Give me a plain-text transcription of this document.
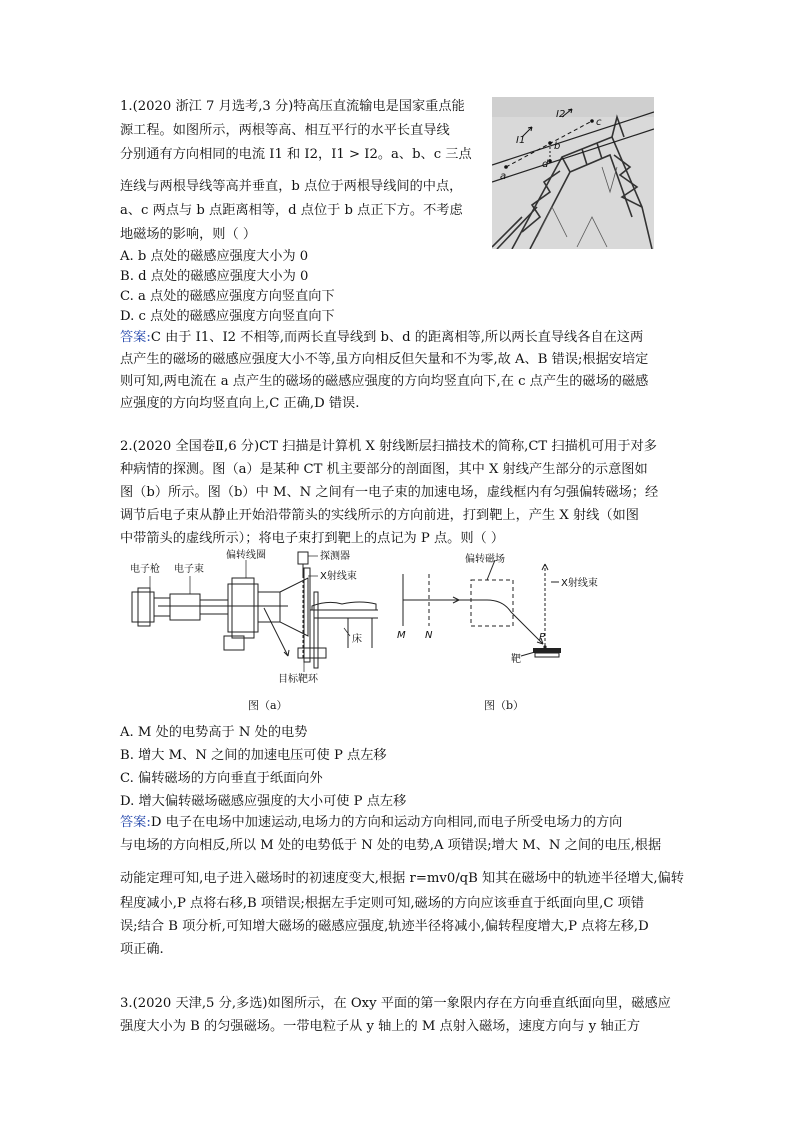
1.(2020 浙江 7 月选考,3 分)特高压直流输电是国家重点能
源工程。如图所示，两根等高、相互平行的水平长直导线
分别通有方向相同的电流 I1 和 I2，I1 > I2。a、b、c 三点
连线与两根导线等高并垂直，b 点位于两根导线间的中点，
a、c 两点与 b 点距离相等，d 点位于 b 点正下方。不考虑
地磁场的影响，则（ ）
A. b 点处的磁感应强度大小为 0
B. d 点处的磁感应强度大小为 0
C. a 点处的磁感应强度方向竖直向下
D. c 点处的磁感应强度方向竖直向下
答案:C 由于 I1、I2 不相等,而两长直导线到 b、d 的距离相等,所以两长直导线各自在这两
点产生的磁场的磁感应强度大小不等,虽方向相反但矢量和不为零,故 A、B 错误;根据安培定
则可知,两电流在 a 点产生的磁场的磁感应强度的方向均竖直向下,在 c 点产生的磁场的磁感
应强度的方向均竖直向上,C 正确,D 错误.
I1
I2
a
b
c
d
2.(2020 全国卷Ⅱ,6 分)CT 扫描是计算机 X 射线断层扫描技术的简称,CT 扫描机可用于对多
种病情的探测。图（a）是某种 CT 机主要部分的剖面图，其中 X 射线产生部分的示意图如
图（b）所示。图（b）中 M、N 之间有一电子束的加速电场，虚线框内有匀强偏转磁场；经
调节后电子束从静止开始沿带箭头的实线所示的方向前进，打到靶上，产生 X 射线（如图
中带箭头的虚线所示）；将电子束打到靶上的点记为 P 点。则（ ）
偏转线圈
电子枪 电子束
探测器
X射线束
床
目标靶环
图（a）
偏转磁场
X射线束
M N	P
靶
图（b）
A. M 处的电势高于 N 处的电势
B. 增大 M、N 之间的加速电压可使 P 点左移
C. 偏转磁场的方向垂直于纸面向外
D. 增大偏转磁场磁感应强度的大小可使 P 点左移
答案:D 电子在电场中加速运动,电场力的方向和运动方向相同,而电子所受电场力的方向
与电场的方向相反,所以 M 处的电势低于 N 处的电势,A 项错误;增大 M、N 之间的电压,根据
动能定理可知,电子进入磁场时的初速度变大,根据 r=mv0/qB 知其在磁场中的轨迹半径增大,偏转
程度减小,P 点将右移,B 项错误;根据左手定则可知,磁场的方向应该垂直于纸面向里,C 项错
误;结合 B 项分析,可知增大磁场的磁感应强度,轨迹半径将减小,偏转程度增大,P 点将左移,D
项正确.
3.(2020 天津,5 分,多选)如图所示，在 Oxy 平面的第一象限内存在方向垂直纸面向里，磁感应
强度大小为 B 的匀强磁场。一带电粒子从 y 轴上的 M 点射入磁场，速度方向与 y 轴正方
